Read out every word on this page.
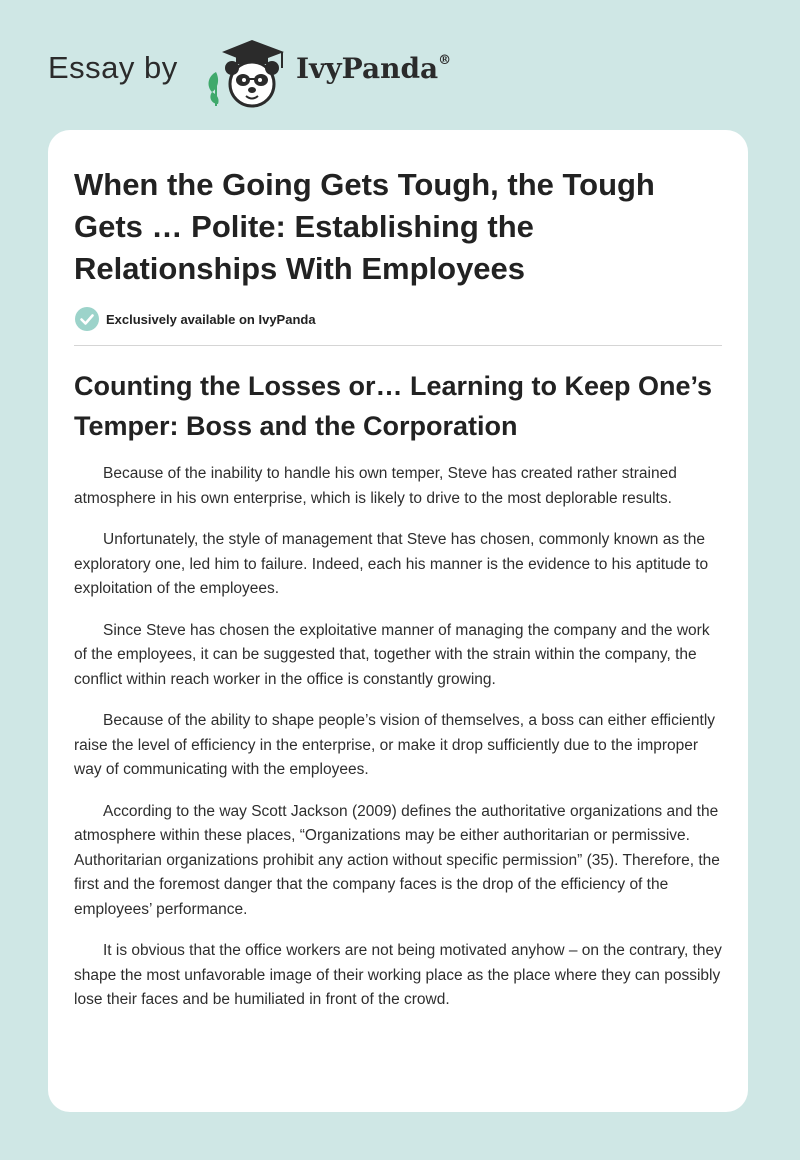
Essay by	IvyPanda®
When the Going Gets Tough, the Tough Gets … Polite: Establishing the Relationships With Employees
Exclusively available on IvyPanda
Counting the Losses or… Learning to Keep One’s Temper: Boss and the Corporation

Because of the inability to handle his own temper, Steve has created rather strained atmosphere in his own enterprise, which is likely to drive to the most deplorable results.

Unfortunately, the style of management that Steve has chosen, commonly known as the exploratory one, led him to failure. Indeed, each his manner is the evidence to his aptitude to exploitation of the employees.

Since Steve has chosen the exploitative manner of managing the company and the work of the employees, it can be suggested that, together with the strain within the company, the conflict within reach worker in the office is constantly growing.

Because of the ability to shape people’s vision of themselves, a boss can either efficiently raise the level of efficiency in the enterprise, or make it drop sufficiently due to the improper way of communicating with the employees.

According to the way Scott Jackson (2009) defines the authoritative organizations and the atmosphere within these places, “Organizations may be either authoritarian or permissive. Authoritarian organizations prohibit any action without specific permission” (35). Therefore, the first and the foremost danger that the company faces is the drop of the efficiency of the employees’ performance.

It is obvious that the office workers are not being motivated anyhow – on the contrary, they shape the most unfavorable image of their working place as the place where they can possibly lose their faces and be humiliated in front of the crowd.
